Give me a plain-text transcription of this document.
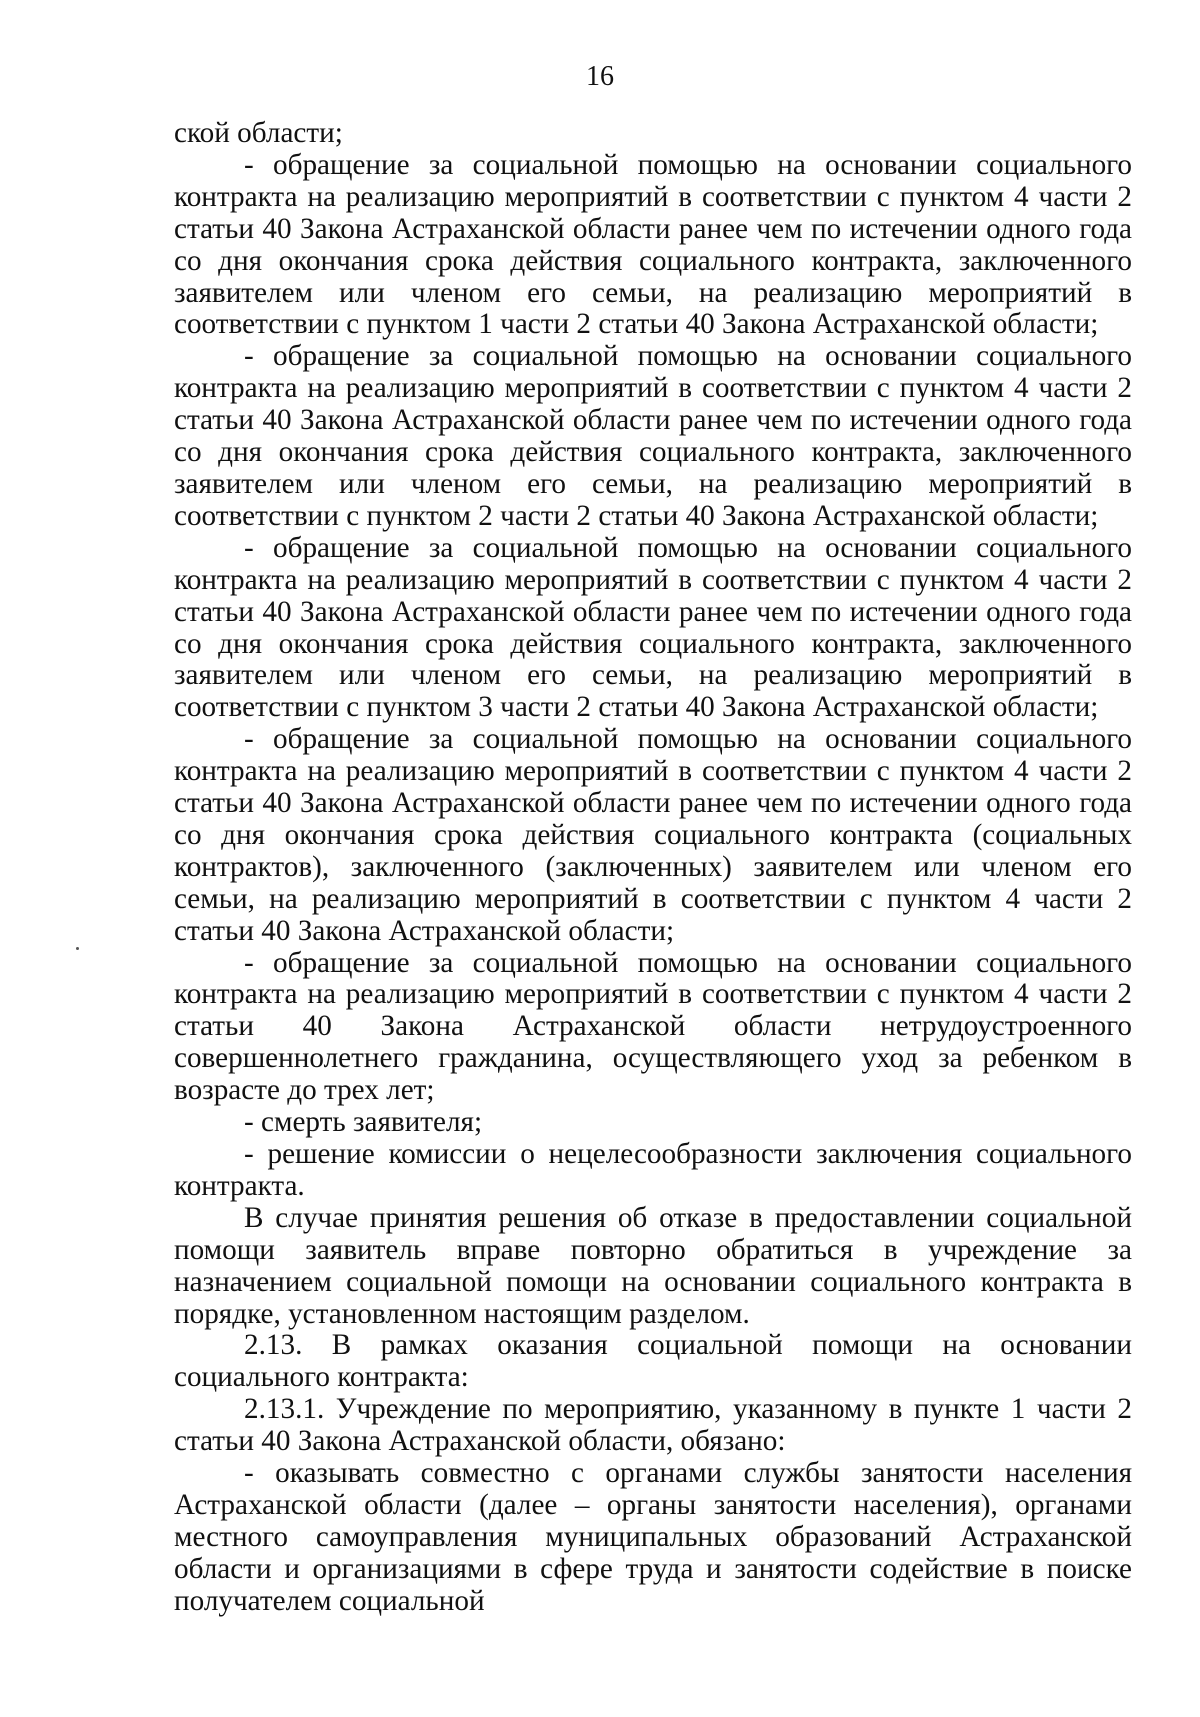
16

ской области;

- обращение за социальной помощью на основании социального контракта на реализацию мероприятий в соответствии с пунктом 4 части 2 статьи 40 Закона Астраханской области ранее чем по истечении одного года со дня окончания срока действия социального контракта, заключенного заявителем или членом его семьи, на реализацию мероприятий в соответствии с пунктом 1 части 2 статьи 40 Закона Астраханской области;

- обращение за социальной помощью на основании социального контракта на реализацию мероприятий в соответствии с пунктом 4 части 2 статьи 40 Закона Астраханской области ранее чем по истечении одного года со дня окончания срока действия социального контракта, заключенного заявителем или членом его семьи, на реализацию мероприятий в соответствии с пунктом 2 части 2 статьи 40 Закона Астраханской области;

- обращение за социальной помощью на основании социального контракта на реализацию мероприятий в соответствии с пунктом 4 части 2 статьи 40 Закона Астраханской области ранее чем по истечении одного года со дня окончания срока действия социального контракта, заключенного заявителем или членом его семьи, на реализацию мероприятий в соответствии с пунктом 3 части 2 статьи 40 Закона Астраханской области;

- обращение за социальной помощью на основании социального контракта на реализацию мероприятий в соответствии с пунктом 4 части 2 статьи 40 Закона Астраханской области ранее чем по истечении одного года со дня окончания срока действия социального контракта (социальных контрактов), заключенного (заключенных) заявителем или членом его семьи, на реализацию мероприятий в соответствии с пунктом 4 части 2 статьи 40 Закона Астраханской области;

- обращение за социальной помощью на основании социального контракта на реализацию мероприятий в соответствии с пунктом 4 части 2 статьи 40 Закона Астраханской области нетрудоустроенного совершеннолетнего гражданина, осуществляющего уход за ребенком в возрасте до трех лет;

- смерть заявителя;

- решение комиссии о нецелесообразности заключения социального контракта.

В случае принятия решения об отказе в предоставлении социальной помощи заявитель вправе повторно обратиться в учреждение за назначением социальной помощи на основании социального контракта в порядке, установленном настоящим разделом.

2.13. В рамках оказания социальной помощи на основании социального контракта:

2.13.1. Учреждение по мероприятию, указанному в пункте 1 части 2 статьи 40 Закона Астраханской области, обязано:

- оказывать совместно с органами службы занятости населения Астраханской области (далее – органы занятости населения), органами местного самоуправления муниципальных образований Астраханской области и организациями в сфере труда и занятости содействие в поиске получателем социальной
